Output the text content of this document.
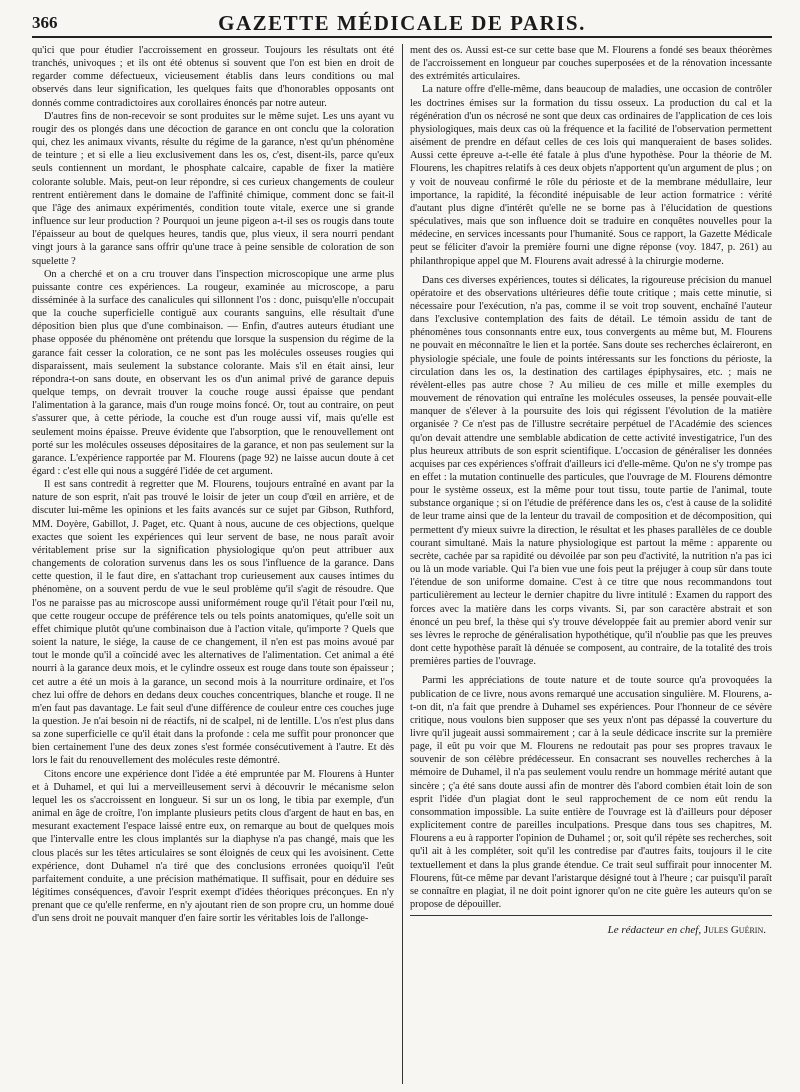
366	GAZETTE MÉDICALE DE PARIS.

qu'ici que pour étudier l'accroissement en grosseur. Toujours les résultats ont été tranchés, univoques ; et ils ont été obtenus si souvent que l'on est bien en droit de regarder comme défectueux, vicieusement établis dans leurs conditions ou mal observés dans leur signification, les quelques faits que d'honorables opposants ont donnés comme contradictoires aux corollaires énoncés par notre auteur.

D'autres fins de non-recevoir se sont produites sur le même sujet. Les uns ayant vu rougir des os plongés dans une décoction de garance en ont conclu que la coloration qui, chez les animaux vivants, résulte du régime de la garance, n'est qu'un phénomène de teinture ; et si elle a lieu exclusivement dans les os, c'est, disent-ils, parce qu'eux seuls contiennent un mordant, le phosphate calcaire, capable de fixer la matière colorante soluble. Mais, peut-on leur répondre, si ces curieux changements de couleur rentrent entièrement dans le domaine de l'affinité chimique, comment donc se fait-il que l'âge des animaux expérimentés, condition toute vitale, exerce une si grande influence sur leur production ? Pourquoi un jeune pigeon a-t-il ses os rougis dans toute l'épaisseur au bout de quelques heures, tandis que, plus vieux, il sera nourri pendant vingt jours à la garance sans offrir qu'une trace à peine sensible de coloration de son squelette ?

On a cherché et on a cru trouver dans l'inspection microscopique une arme plus puissante contre ces expériences. La rougeur, examinée au microscope, a paru disséminée à la surface des canalicules qui sillonnent l'os : donc, puisqu'elle n'occupait que la couche superficielle contiguë aux courants sanguins, elle résultait d'une déposition bien plus que d'une combinaison. — Enfin, d'autres auteurs étudiant une phase opposée du phénomène ont prétendu que lorsque la suspension du régime de la garance fait cesser la coloration, ce ne sont pas les molécules osseuses rougies qui disparaissent, mais seulement la substance colorante. Mais s'il en était ainsi, leur répondra-t-on sans doute, en observant les os d'un animal privé de garance depuis quelque temps, on devrait trouver la couche rouge aussi épaisse que pendant l'alimentation à la garance, mais d'un rouge moins foncé. Or, tout au contraire, on peut s'assurer que, à cette période, la couche est d'un rouge aussi vif, mais qu'elle est seulement moins épaisse. Preuve évidente que l'absorption, que le renouvellement ont porté sur les molécules osseuses dépositaires de la garance, et non pas seulement sur la garance. L'expérience rapportée par M. Flourens (page 92) ne laisse aucun doute à cet égard : c'est elle qui nous a suggéré l'idée de cet argument.

Il est sans contredit à regretter que M. Flourens, toujours entraîné en avant par la nature de son esprit, n'ait pas trouvé le loisir de jeter un coup d'œil en arrière, et de discuter lui-même les opinions et les faits avancés sur ce sujet par Gibson, Ruthford, MM. Doyère, Gabillot, J. Paget, etc. Quant à nous, aucune de ces objections, quelque exactes que soient les expériences qui leur servent de base, ne nous paraît avoir véritablement prise sur la signification physiologique qu'on peut attribuer aux changements de coloration survenus dans les os sous l'influence de la garance. Dans cette question, il le faut dire, en s'attachant trop curieusement aux causes intimes du phénomène, on a souvent perdu de vue le seul problème qu'il s'agit de résoudre. Que l'os ne paraisse pas au microscope aussi uniformément rouge qu'il l'était pour l'œil nu, que cette rougeur occupe de préférence tels ou tels points anatomiques, qu'elle soit un effet chimique plutôt qu'une combinaison due à l'action vitale, qu'importe ? Quels que soient la nature, le siége, la cause de ce changement, il n'en est pas moins avoué par tout le monde qu'il a coïncidé avec les alternatives de l'alimentation. Cet animal a été nourri à la garance deux mois, et le cylindre osseux est rouge dans toute son épaisseur ; cet autre a été un mois à la garance, un second mois à la nourriture ordinaire, et l'os chez lui offre de dehors en dedans deux couches concentriques, blanche et rouge. Il ne m'en faut pas davantage. Le fait seul d'une différence de couleur entre ces couches juge la question. Je n'ai besoin ni de réactifs, ni de scalpel, ni de lentille. L'os n'est plus dans sa zone superficielle ce qu'il était dans la profonde : cela me suffit pour prononcer que bien certainement l'une des deux zones s'est formée consécutivement à l'autre. Et dès lors le fait du renouvellement des molécules reste démontré.

Citons encore une expérience dont l'idée a été empruntée par M. Flourens à Hunter et à Duhamel, et qui lui a merveilleusement servi à découvrir le mécanisme selon lequel les os s'accroissent en longueur. Si sur un os long, le tibia par exemple, d'un animal en âge de croître, l'on implante plusieurs petits clous d'argent de haut en bas, en mesurant exactement l'espace laissé entre eux, on remarque au bout de quelques mois que l'intervalle entre les clous implantés sur la diaphyse n'a pas changé, mais que les clous placés sur les têtes articulaires se sont éloignés de ceux qui les avoisinent. Cette expérience, dont Duhamel n'a tiré que des conclusions erronées quoiqu'il l'eût parfaitement conduite, a une précision mathématique. Il suffisait, pour en déduire ses légitimes conséquences, d'avoir l'esprit exempt d'idées théoriques préconçues. En n'y prenant que ce qu'elle renferme, en n'y ajoutant rien de son propre cru, un homme doué d'un sens droit ne pouvait manquer d'en faire sortir les véritables lois de l'allonge-

ment des os. Aussi est-ce sur cette base que M. Flourens a fondé ses beaux théorèmes de l'accroissement en longueur par couches superposées et de la rénovation incessante des extrémités articulaires.

La nature offre d'elle-même, dans beaucoup de maladies, une occasion de contrôler les doctrines émises sur la formation du tissu osseux. La production du cal et la régénération d'un os nécrosé ne sont que deux cas ordinaires de l'application de ces lois physiologiques, mais deux cas où la fréquence et la facilité de l'observation permettent aisément de prendre en défaut celles de ces lois qui manqueraient de bases solides. Aussi cette épreuve a-t-elle été fatale à plus d'une hypothèse. Pour la théorie de M. Flourens, les chapitres relatifs à ces deux objets n'apportent qu'un argument de plus ; on y voit de nouveau confirmé le rôle du périoste et de la membrane médullaire, leur importance, la rapidité, la fécondité inépuisable de leur action formatrice : vérité d'autant plus digne d'intérêt qu'elle ne se borne pas à l'élucidation de questions spéculatives, mais que son influence doit se traduire en conquêtes nouvelles pour la médecine, en services incessants pour l'humanité. Sous ce rapport, la Gazette Médicale peut se féliciter d'avoir la première fourni une digne réponse (voy. 1847, p. 261) au philanthropique appel que M. Flourens avait adressé à la chirurgie moderne.

Dans ces diverses expériences, toutes si délicates, la rigoureuse précision du manuel opératoire et des observations ultérieures défie toute critique ; mais cette minutie, si nécessaire pour l'exécution, n'a pas, comme il se voit trop souvent, enchaîné l'auteur dans l'exclusive contemplation des faits de détail. Le témoin assidu de tant de phénomènes tous consonnants entre eux, tous convergents au même but, M. Flourens ne pouvait en méconnaître le lien et la portée. Sans doute ses recherches éclaireront, en physiologie spéciale, une foule de points intéressants sur les fonctions du périoste, la circulation dans les os, la destination des cartilages épiphysaires, etc. ; mais ne révèlent-elles pas autre chose ? Au milieu de ces mille et mille exemples du mouvement de rénovation qui entraîne les molécules osseuses, la pensée pouvait-elle manquer de s'élever à la poursuite des lois qui régissent l'évolution de la matière organisée ? Ce n'est pas de l'illustre secrétaire perpétuel de l'Académie des sciences qu'on devait attendre une semblable abdication de cette activité investigatrice, l'un des plus heureux attributs de son esprit scientifique. L'occasion de généraliser les données acquises par ces expériences s'offrait d'ailleurs ici d'elle-même. Qu'on ne s'y trompe pas en effet : la mutation continuelle des particules, que l'ouvrage de M. Flourens démontre pour le système osseux, est la même pour tout tissu, toute partie de l'animal, toute substance organique ; si on l'étudie de préférence dans les os, c'est à cause de la solidité de leur trame ainsi que de la lenteur du travail de composition et de décomposition, qui permettent d'y mieux suivre la direction, le résultat et les phases parallèles de ce double courant simultané. Mais la nature physiologique est partout la même : apparente ou secrète, cachée par sa rapidité ou dévoilée par son peu d'activité, la nutrition n'a pas ici ou là un mode variable. Qui l'a bien vue une fois peut la préjuger à coup sûr dans toute l'étendue de son uniforme domaine. C'est à ce titre que nous recommandons tout particulièrement au lecteur le dernier chapitre du livre intitulé : Examen du rapport des forces avec la matière dans les corps vivants. Si, par son caractère abstrait et son énoncé un peu bref, la thèse qui s'y trouve développée fait au premier abord venir sur ses lèvres le reproche de généralisation hypothétique, qu'il n'oublie pas que les preuves dont cette hypothèse paraît là dénuée se composent, au contraire, de la totalité des trois premières parties de l'ouvrage.

Parmi les appréciations de toute nature et de toute source qu'a provoquées la publication de ce livre, nous avons remarqué une accusation singulière. M. Flourens, a-t-on dit, n'a fait que prendre à Duhamel ses expériences. Pour l'honneur de ce sévère critique, nous voulons bien supposer que ses yeux n'ont pas dépassé la couverture du livre qu'il jugeait aussi sommairement ; car à la seule dédicace inscrite sur la première page, il eût pu voir que M. Flourens ne redoutait pas pour ses propres travaux le souvenir de son célèbre prédécesseur. En consacrant ses nouvelles recherches à la mémoire de Duhamel, il n'a pas seulement voulu rendre un hommage mérité autant que sincère ; ç'a été sans doute aussi afin de montrer dès l'abord combien était loin de son esprit l'idée d'un plagiat dont le seul rapprochement de ce nom eût rendu la consommation impossible. La suite entière de l'ouvrage est là d'ailleurs pour déposer explicitement contre de pareilles inculpations. Presque dans tous ses chapitres, M. Flourens a eu à rapporter l'opinion de Duhamel ; or, soit qu'il répète ses recherches, soit qu'il ait à les compléter, soit qu'il les contredise par d'autres faits, toujours il le cite textuellement et dans la plus grande étendue. Ce trait seul suffirait pour innocenter M. Flourens, fût-ce même par devant l'aristarque désigné tout à l'heure ; car puisqu'il paraît se connaître en plagiat, il ne doit point ignorer qu'on ne cite guère les auteurs qu'on se propose de dépouiller.

Le rédacteur en chef, Jules Guérin.
